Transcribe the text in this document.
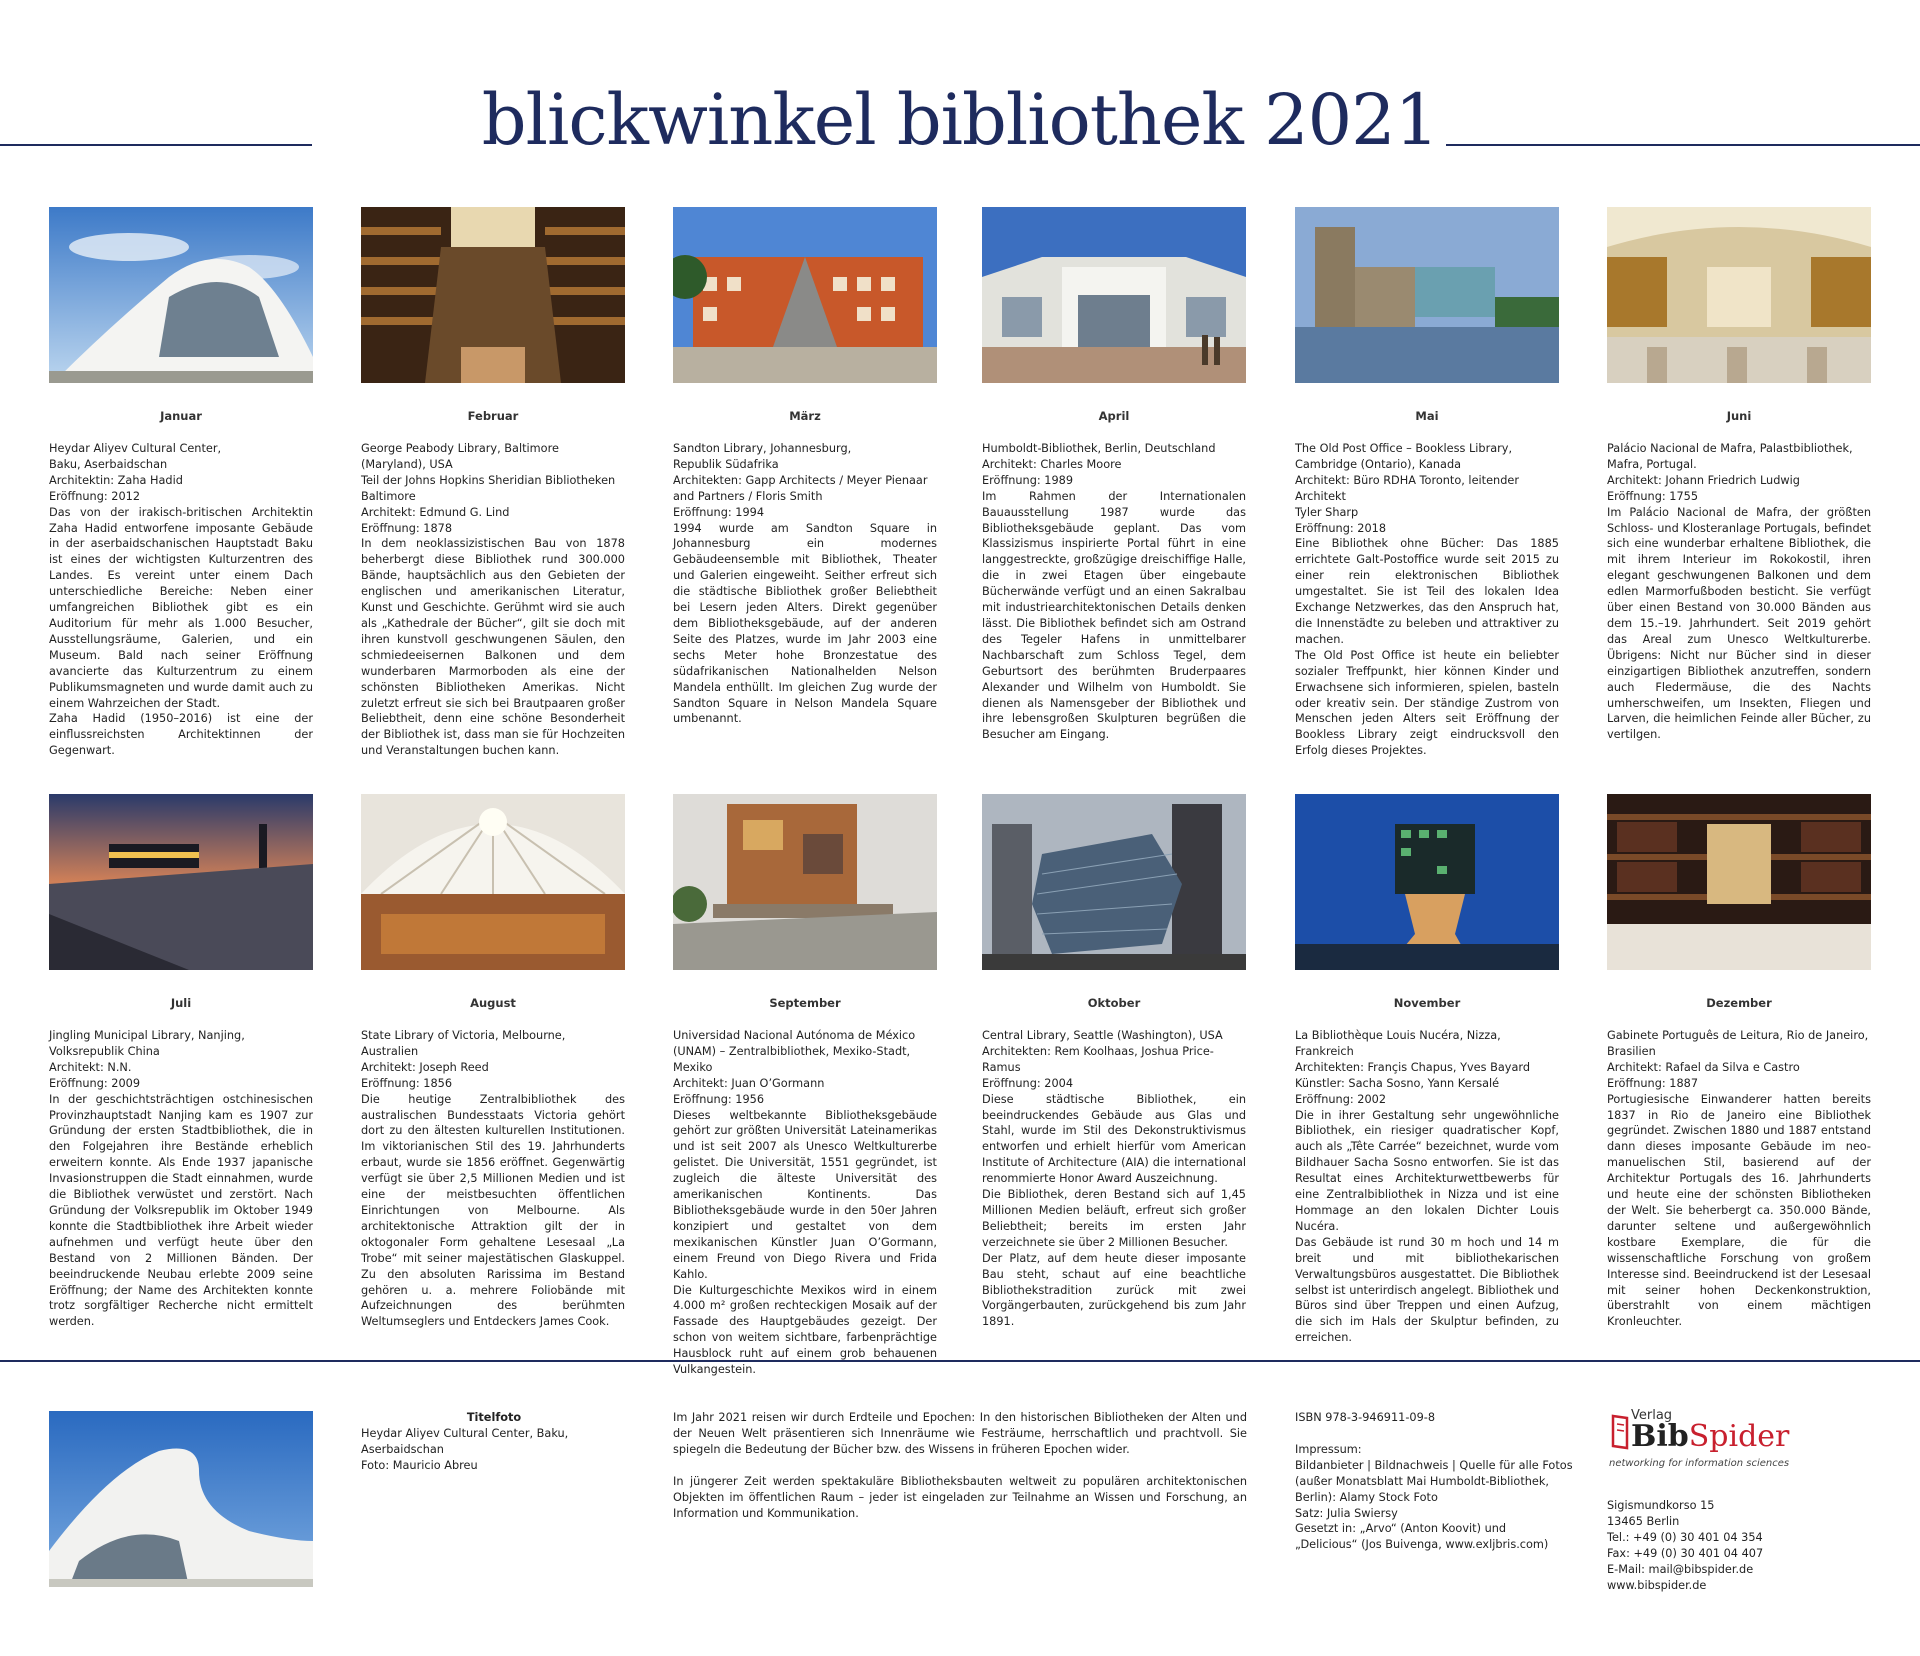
blickwinkel bibliothek 2021
Januar

Heydar Aliyev Cultural Center,

Baku, Aserbaidschan

Architektin: Zaha Hadid

Eröffnung: 2012

Das von der irakisch-britischen Architektin Zaha Hadid entworfene imposante Gebäude in der aserbaidschanischen Hauptstadt Baku ist eines der wichtigsten Kulturzentren des Landes. Es vereint unter einem Dach unterschiedliche Bereiche: Neben einer umfangreichen Bibliothek gibt es ein Auditorium für mehr als 1.000 Besucher, Ausstellungsräume, Galerien, und ein Museum. Bald nach seiner Eröffnung avancierte das Kulturzentrum zu einem Publikumsmagneten und wurde damit auch zu einem Wahrzeichen der Stadt.

Zaha Hadid (1950–2016) ist eine der einflussreichsten Architektinnen der Gegenwart.

Februar

George Peabody Library, Baltimore (Maryland), USA

Teil der Johns Hopkins Sheridian Bibliotheken

Baltimore

Architekt: Edmund G. Lind

Eröffnung: 1878

In dem neoklassizistischen Bau von 1878 beherbergt diese Bibliothek rund 300.000 Bände, hauptsächlich aus den Gebieten der englischen und amerikanischen Literatur, Kunst und Geschichte. Gerühmt wird sie auch als „Kathedrale der Bücher“, gilt sie doch mit ihren kunstvoll geschwungenen Säulen, den schmiedeeisernen Balkonen und dem wunderbaren Marmorboden als eine der schönsten Bibliotheken Amerikas. Nicht zuletzt erfreut sie sich bei Brautpaaren großer Beliebtheit, denn eine schöne Besonderheit der Bibliothek ist, dass man sie für Hochzeiten und Veranstaltungen buchen kann.

März

Sandton Library, Johannesburg,

Republik Südafrika

Architekten: Gapp Architects / Meyer Pienaar

and Partners / Floris Smith

Eröffnung: 1994

1994 wurde am Sandton Square in Johannesburg ein modernes Gebäudeensemble mit Bibliothek, Theater und Galerien eingeweiht. Seither erfreut sich die städtische Bibliothek großer Beliebtheit bei Lesern jeden Alters. Direkt gegenüber dem Bibliotheksgebäude, auf der anderen Seite des Platzes, wurde im Jahr 2003 eine sechs Meter hohe Bronzestatue des südafrikanischen Nationalhelden Nelson Mandela enthüllt. Im gleichen Zug wurde der Sandton Square in Nelson Mandela Square umbenannt.

April

Humboldt-Bibliothek, Berlin, Deutschland

Architekt: Charles Moore

Eröffnung: 1989

Im Rahmen der Internationalen Bauausstellung 1987 wurde das Bibliotheksgebäude geplant. Das vom Klassizismus inspirierte Portal führt in eine langgestreckte, großzügige dreischiffige Halle, die in zwei Etagen über eingebaute Bücherwände verfügt und an einen Sakralbau mit industriearchitektonischen Details denken lässt. Die Bibliothek befindet sich am Ostrand des Tegeler Hafens in unmittelbarer Nachbarschaft zum Schloss Tegel, dem Geburtsort des berühmten Bruderpaares Alexander und Wilhelm von Humboldt. Sie dienen als Namensgeber der Bibliothek und ihre lebensgroßen Skulpturen begrüßen die Besucher am Eingang.

Mai

The Old Post Office – Bookless Library,

Cambridge (Ontario), Kanada

Architekt: Büro RDHA Toronto, leitender Architekt

Tyler Sharp

Eröffnung: 2018

Eine Bibliothek ohne Bücher: Das 1885 errichtete Galt-Postoffice wurde seit 2015 zu einer rein elektronischen Bibliothek umgestaltet. Sie ist Teil des lokalen Idea Exchange Netzwerkes, das den Anspruch hat, die Innenstädte zu beleben und attraktiver zu machen.

The Old Post Office ist heute ein beliebter sozialer Treffpunkt, hier können Kinder und Erwachsene sich informieren, spielen, basteln oder kreativ sein. Der ständige Zustrom von Menschen jeden Alters seit Eröffnung der Bookless Library zeigt eindrucksvoll den Erfolg dieses Projektes.

Juni

Palácio Nacional de Mafra, Palastbibliothek,

Mafra, Portugal.

Architekt: Johann Friedrich Ludwig

Eröffnung: 1755

Im Palácio Nacional de Mafra, der größten Schloss- und Klosteranlage Portugals, befindet sich eine wunderbar erhaltene Bibliothek, die mit ihrem Interieur im Rokokostil, ihren elegant geschwungenen Balkonen und dem edlen Marmorfußboden besticht. Sie verfügt über einen Bestand von 30.000 Bänden aus dem 15.–19. Jahrhundert. Seit 2019 gehört das Areal zum Unesco Weltkulturerbe. Übrigens: Nicht nur Bücher sind in dieser einzigartigen Bibliothek anzutreffen, sondern auch Fledermäuse, die des Nachts umherschweifen, um Insekten, Fliegen und Larven, die heimlichen Feinde aller Bücher, zu vertilgen.

Juli

Jingling Municipal Library, Nanjing,

Volksrepublik China

Architekt: N.N.

Eröffnung: 2009

In der geschichtsträchtigen ostchinesischen Provinzhauptstadt Nanjing kam es 1907 zur Gründung der ersten Stadtbibliothek, die in den Folgejahren ihre Bestände erheblich erweitern konnte. Als Ende 1937 japanische Invasionstruppen die Stadt einnahmen, wurde die Bibliothek verwüstet und zerstört. Nach Gründung der Volksrepublik im Oktober 1949 konnte die Stadtbibliothek ihre Arbeit wieder aufnehmen und verfügt heute über den Bestand von 2 Millionen Bänden. Der beeindruckende Neubau erlebte 2009 seine Eröffnung; der Name des Architekten konnte trotz sorgfältiger Recherche nicht ermittelt werden.

August

State Library of Victoria, Melbourne, Australien

Architekt: Joseph Reed

Eröffnung: 1856

Die heutige Zentralbibliothek des australischen Bundesstaats Victoria gehört dort zu den ältesten kulturellen Institutionen. Im viktorianischen Stil des 19. Jahrhunderts erbaut, wurde sie 1856 eröffnet. Gegenwärtig verfügt sie über 2,5 Millionen Medien und ist eine der meistbesuchten öffentlichen Einrichtungen von Melbourne. Als architektonische Attraktion gilt der in oktogonaler Form gehaltene Lesesaal „La Trobe“ mit seiner majestätischen Glaskuppel. Zu den absoluten Rarissima im Bestand gehören u. a. mehrere Foliobände mit Aufzeichnungen des berühmten Weltumseglers und Entdeckers James Cook.

September

Universidad Nacional Autónoma de México

(UNAM) – Zentralbibliothek, Mexiko-Stadt, Mexiko

Architekt: Juan O’Gormann

Eröffnung: 1956

Dieses weltbekannte Bibliotheksgebäude gehört zur größten Universität Lateinamerikas und ist seit 2007 als Unesco Weltkulturerbe gelistet. Die Universität, 1551 gegründet, ist zugleich die älteste Universität des amerikanischen Kontinents. Das Bibliotheksgebäude wurde in den 50er Jahren konzipiert und gestaltet von dem mexikanischen Künstler Juan O’Gormann, einem Freund von Diego Rivera und Frida Kahlo.

Die Kulturgeschichte Mexikos wird in einem 4.000 m² großen rechteckigen Mosaik auf der Fassade des Hauptgebäudes gezeigt. Der schon von weitem sichtbare, farbenprächtige Hausblock ruht auf einem grob behauenen Vulkangestein.

Oktober

Central Library, Seattle (Washington), USA

Architekten: Rem Koolhaas, Joshua Price-Ramus

Eröffnung: 2004

Diese städtische Bibliothek, ein beeindruckendes Gebäude aus Glas und Stahl, wurde im Stil des Dekonstruktivismus entworfen und erhielt hierfür vom American Institute of Architecture (AIA) die international renommierte Honor Award Auszeichnung.

Die Bibliothek, deren Bestand sich auf 1,45 Millionen Medien beläuft, erfreut sich großer Beliebtheit; bereits im ersten Jahr verzeichnete sie über 2 Millionen Besucher.

Der Platz, auf dem heute dieser imposante Bau steht, schaut auf eine beachtliche Bibliothekstradition zurück mit zwei Vorgängerbauten, zurückgehend bis zum Jahr 1891.

November

La Bibliothèque Louis Nucéra, Nizza, Frankreich

Architekten: Françis Chapus, Yves Bayard

Künstler: Sacha Sosno, Yann Kersalé

Eröffnung: 2002

Die in ihrer Gestaltung sehr ungewöhnliche Bibliothek, ein riesiger quadratischer Kopf, auch als „Tête Carrée“ bezeichnet, wurde vom Bildhauer Sacha Sosno entworfen. Sie ist das Resultat eines Architekturwettbewerbs für eine Zentralbibliothek in Nizza und ist eine Hommage an den lokalen Dichter Louis Nucéra.

Das Gebäude ist rund 30 m hoch und 14 m breit und mit bibliothekarischen Verwaltungsbüros ausgestattet. Die Bibliothek selbst ist unterirdisch angelegt. Bibliothek und Büros sind über Treppen und einen Aufzug, die sich im Hals der Skulptur befinden, zu erreichen.

Dezember

Gabinete Português de Leitura, Rio de Janeiro,

Brasilien

Architekt: Rafael da Silva e Castro

Eröffnung: 1887

Portugiesische Einwanderer hatten bereits 1837 in Rio de Janeiro eine Bibliothek gegründet. Zwischen 1880 und 1887 entstand dann dieses imposante Gebäude im neo-manuelischen Stil, basierend auf der Architektur Portugals des 16. Jahrhunderts und heute eine der schönsten Bibliotheken der Welt. Sie beherbergt ca. 350.000 Bände, darunter seltene und außergewöhnlich kostbare Exemplare, die für die wissenschaftliche Forschung von großem Interesse sind. Beeindruckend ist der Lesesaal mit seiner hohen Deckenkonstruktion, überstrahlt von einem mächtigen Kronleuchter.

Titelfoto

Heydar Aliyev Cultural Center, Baku, Aserbaidschan

Foto: Mauricio Abreu

Im Jahr 2021 reisen wir durch Erdteile und Epochen: In den historischen Bibliotheken der Alten und der Neuen Welt präsentieren sich Innenräume wie Festräume, herrschaftlich und prachtvoll. Sie spiegeln die Bedeutung der Bücher bzw. des Wissens in früheren Epochen wider.

In jüngerer Zeit werden spektakuläre Bibliotheksbauten weltweit zu populären architektonischen Objekten im öffentlichen Raum – jeder ist eingeladen zur Teilnahme an Wissen und Forschung, an Information und Kommunikation.

ISBN 978-3-946911-09-8

Impressum:

Bildanbieter | Bildnachweis | Quelle für alle Fotos

(außer Monatsblatt Mai Humboldt-Bibliothek,

Berlin): Alamy Stock Foto

Satz: Julia Swiersy

Gesetzt in: „Arvo“ (Anton Koovit) und

„Delicious“ (Jos Buivenga, www.exljbris.com)

Verlag
BibSpider
networking for information sciences

Sigismundkorso 15

13465 Berlin

Tel.: +49 (0) 30 401 04 354

Fax: +49 (0) 30 401 04 407

E-Mail: mail@bibspider.de

www.bibspider.de
